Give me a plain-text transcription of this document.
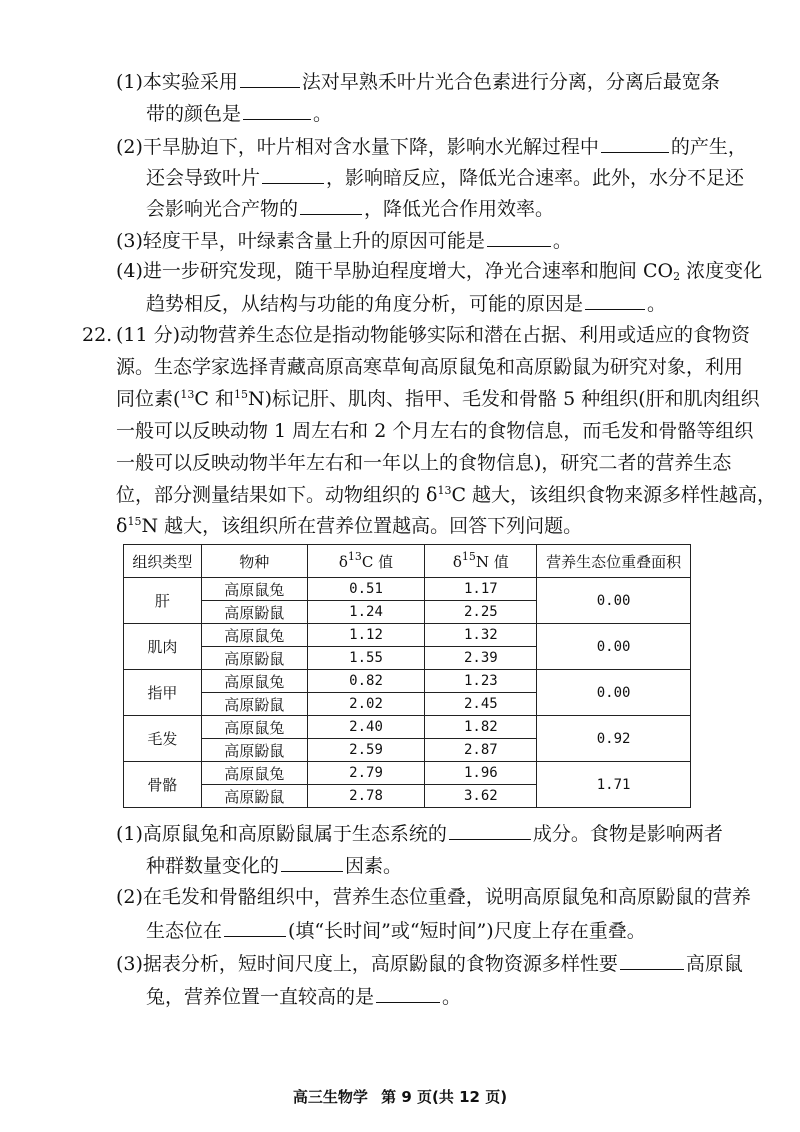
(1)本实验采用	法对早熟禾叶片光合色素进行分离，分离后最宽条
带的颜色是	。
(2)干旱胁迫下，叶片相对含水量下降，影响水光解过程中	的产生，
还会导致叶片	，影响暗反应，降低光合速率。此外，水分不足还
会影响光合产物的	，降低光合作用效率。
(3)轻度干旱，叶绿素含量上升的原因可能是	。
(4)进一步研究发现，随干旱胁迫程度增大，净光合速率和胞间 $CO_2$ 浓度变化
趋势相反，从结构与功能的角度分析，可能的原因是	。
22. (11 分)动物营养生态位是指动物能够实际和潜在占据、利用或适应的食物资
源。生态学家选择青藏高原高寒草甸高原鼠兔和高原鼢鼠为研究对象，利用
同位素($^{13}$C 和$^{15}$N)标记肝、肌肉、指甲、毛发和骨骼 5 种组织(肝和肌肉组织
一般可以反映动物 1 周左右和 2 个月左右的食物信息，而毛发和骨骼等组织
一般可以反映动物半年左右和一年以上的食物信息)，研究二者的营养生态
位，部分测量结果如下。动物组织的 $\delta^{13}C$ 越大，该组织食物来源多样性越高，
$\delta^{15}N$ 越大，该组织所在营养位置越高。回答下列问题。
组织类型	物种	$\delta^{13}C$ 值	$\delta^{15}N$ 值	营养生态位重叠面积
肝	高原鼠兔	0.51	1.17	0.00
	高原鼢鼠	1.24	2.25	
肌肉	高原鼠兔	1.12	1.32	0.00
	高原鼢鼠	1.55	2.39	
指甲	高原鼠兔	0.82	1.23	0.00
	高原鼢鼠	2.02	2.45	
毛发	高原鼠兔	2.40	1.82	0.92
	高原鼢鼠	2.59	2.87	
骨骼	高原鼠兔	2.79	1.96	1.71
	高原鼢鼠	2.78	3.62	
(1)高原鼠兔和高原鼢鼠属于生态系统的	成分。食物是影响两者
种群数量变化的	因素。
(2)在毛发和骨骼组织中，营养生态位重叠，说明高原鼠兔和高原鼢鼠的营养
生态位在	(填“长时间”或“短时间”)尺度上存在重叠。
(3)据表分析，短时间尺度上，高原鼢鼠的食物资源多样性要	高原鼠
兔，营养位置一直较高的是	。
高三生物学 第 9 页(共 12 页)
